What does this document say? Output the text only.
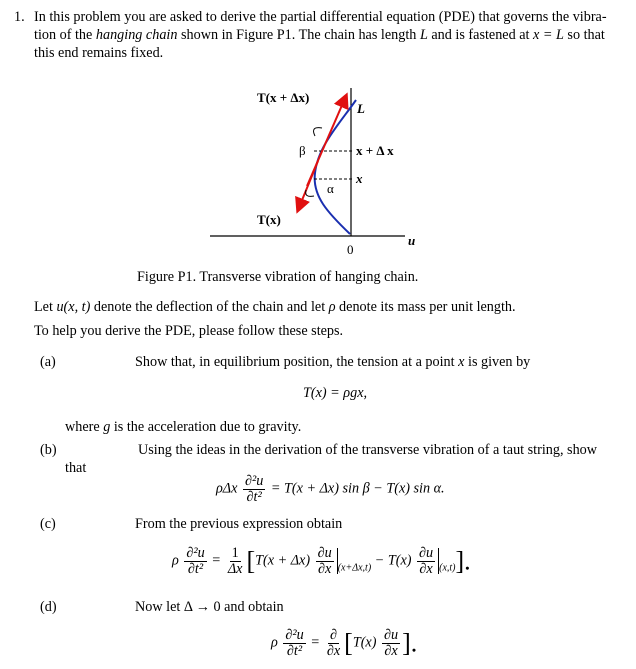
1. In this problem you are asked to derive the partial differential equation (PDE) that governs the vibra-
tion of the hanging chain shown in Figure P1. The chain has length L and is fastened at x = L so that
this end remains fixed.
T(x + Δx)
L
β	x + Δ x
α
x
T(x)
0
u
Figure P1. Transverse vibration of hanging chain.
Let u(x, t) denote the deflection of the chain and let ρ denote its mass per unit length.
To help you derive the PDE, please follow these steps.
(a)	Show that, in equilibrium position, the tension at a point x is given by
T(x) = ρgx,
where g is the acceleration due to gravity.
(b)	Using the ideas in the derivation of the transverse vibration of a taut string, show
that
ρΔx $\frac{\text{∂²u}}{\text{∂t²}} = T(x + \Delta x)$ sin β − T(x) sin α.
(c)	From the previous expression obtain
ρ $\frac{\text{∂²u}}{\text{∂t²}} = \frac{1}{\Delta x} [T(x + \Delta x) \frac{\partial u}{\partial x} _{(x+\Delta x,t)} - T(x) \frac{\partial u}{\partial x} _{(x,t)}]$.
(d)	Now let Δ → 0 and obtain
ρ $\frac{\text{∂²u}}{\text{∂t²}} = \frac{\partial}{\partial x} [T(x) \frac{\partial u}{\partial x}$ ].
